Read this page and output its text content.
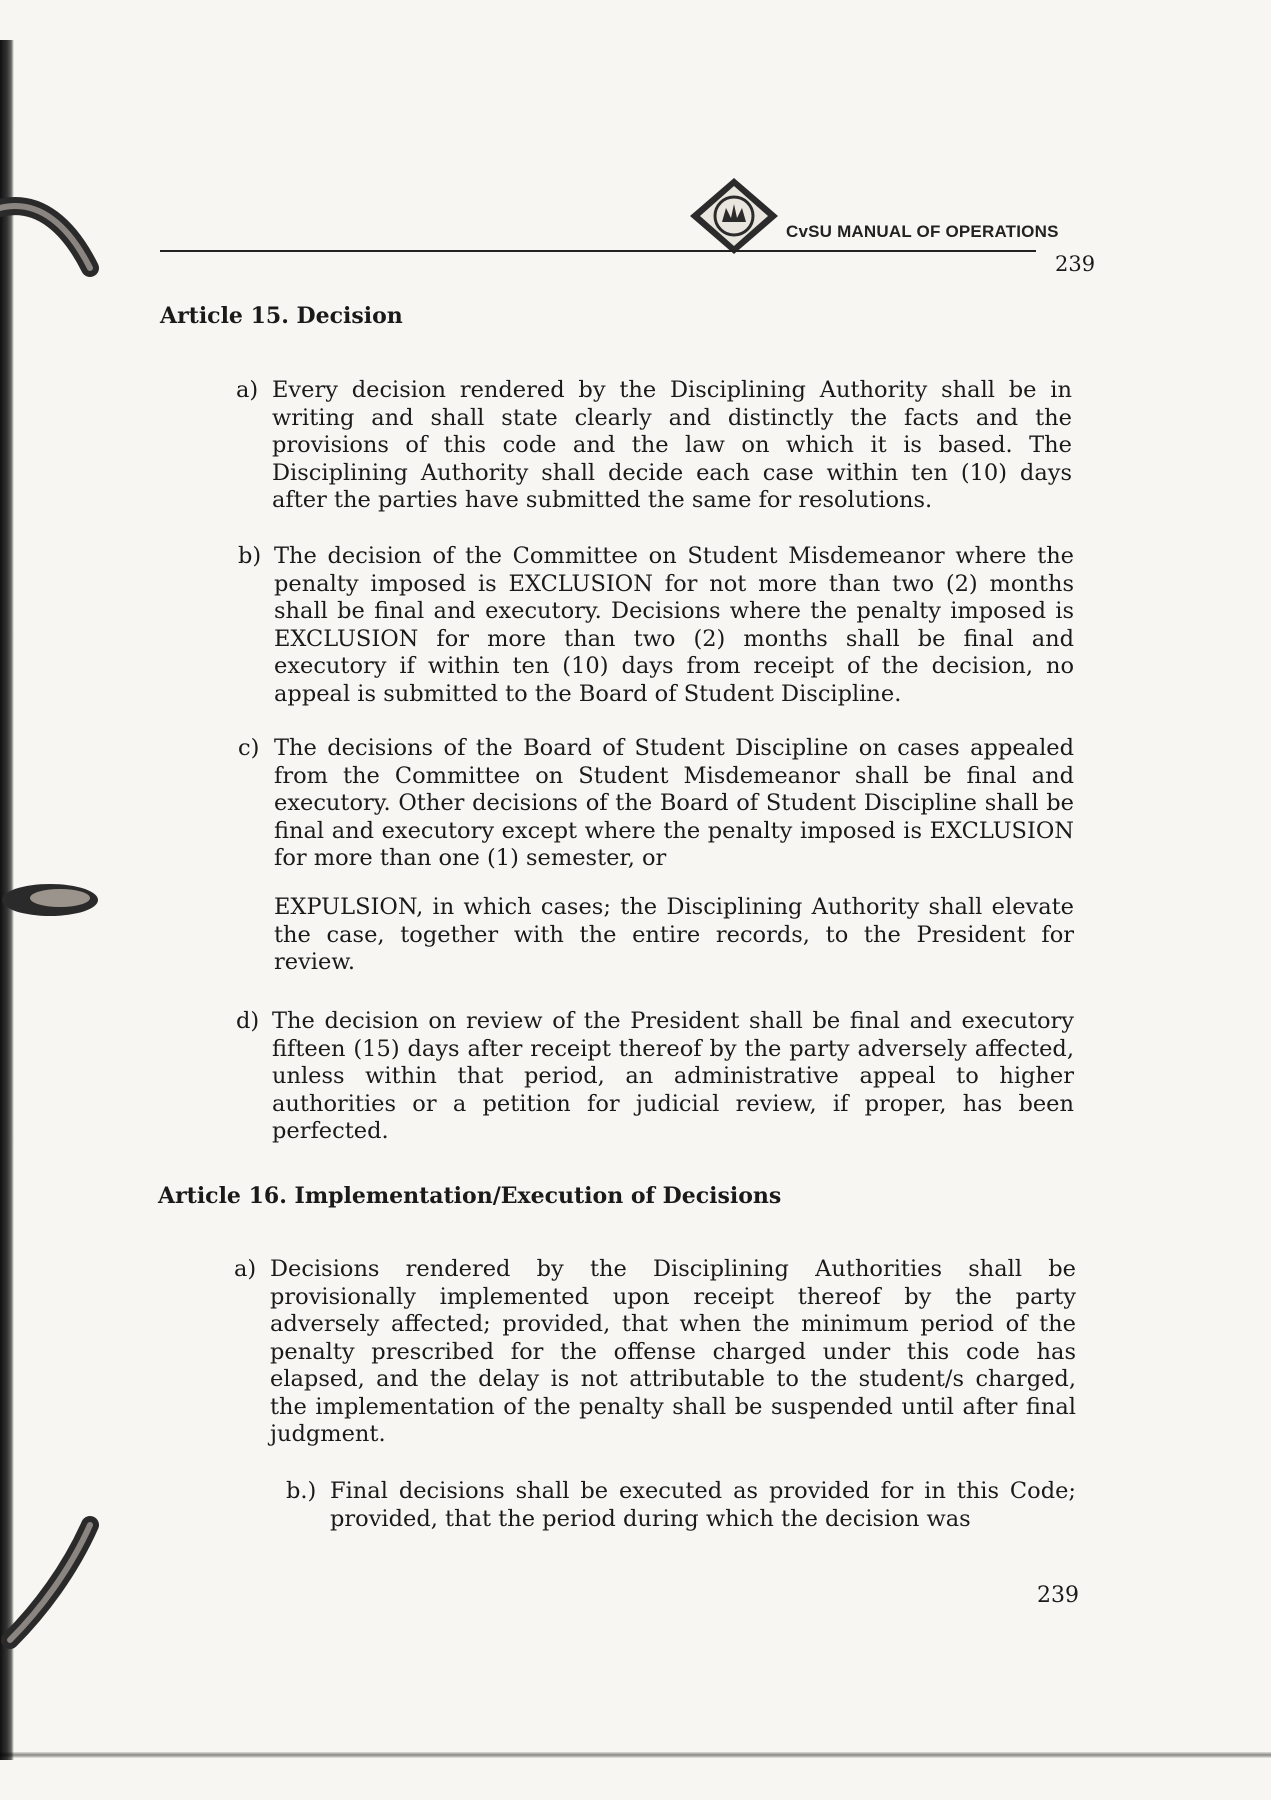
CvSU MANUAL OF OPERATIONS
239
Article 15. Decision
a) Every decision rendered by the Disciplining Authority shall be in writing and shall state clearly and distinctly the facts and the provisions of this code and the law on which it is based. The Disciplining Authority shall decide each case within ten (10) days after the parties have submitted the same for resolutions.
b) The decision of the Committee on Student Misdemeanor where the penalty imposed is EXCLUSION for not more than two (2) months shall be final and executory. Decisions where the penalty imposed is EXCLUSION for more than two (2) months shall be final and executory if within ten (10) days from receipt of the decision, no appeal is submitted to the Board of Student Discipline.
c) The decisions of the Board of Student Discipline on cases appealed from the Committee on Student Misdemeanor shall be final and executory. Other decisions of the Board of Student Discipline shall be final and executory except where the penalty imposed is EXCLUSION for more than one (1) semester, or
EXPULSION, in which cases; the Disciplining Authority shall elevate the case, together with the entire records, to the President for review.
d) The decision on review of the President shall be final and executory fifteen (15) days after receipt thereof by the party adversely affected, unless within that period, an administrative appeal to higher authorities or a petition for judicial review, if proper, has been perfected.
Article 16. Implementation/Execution of Decisions
a) Decisions rendered by the Disciplining Authorities shall be provisionally implemented upon receipt thereof by the party adversely affected; provided, that when the minimum period of the penalty prescribed for the offense charged under this code has elapsed, and the delay is not attributable to the student/s charged, the implementation of the penalty shall be suspended until after final judgment.
b.) Final decisions shall be executed as provided for in this Code; provided, that the period during which the decision was
239
